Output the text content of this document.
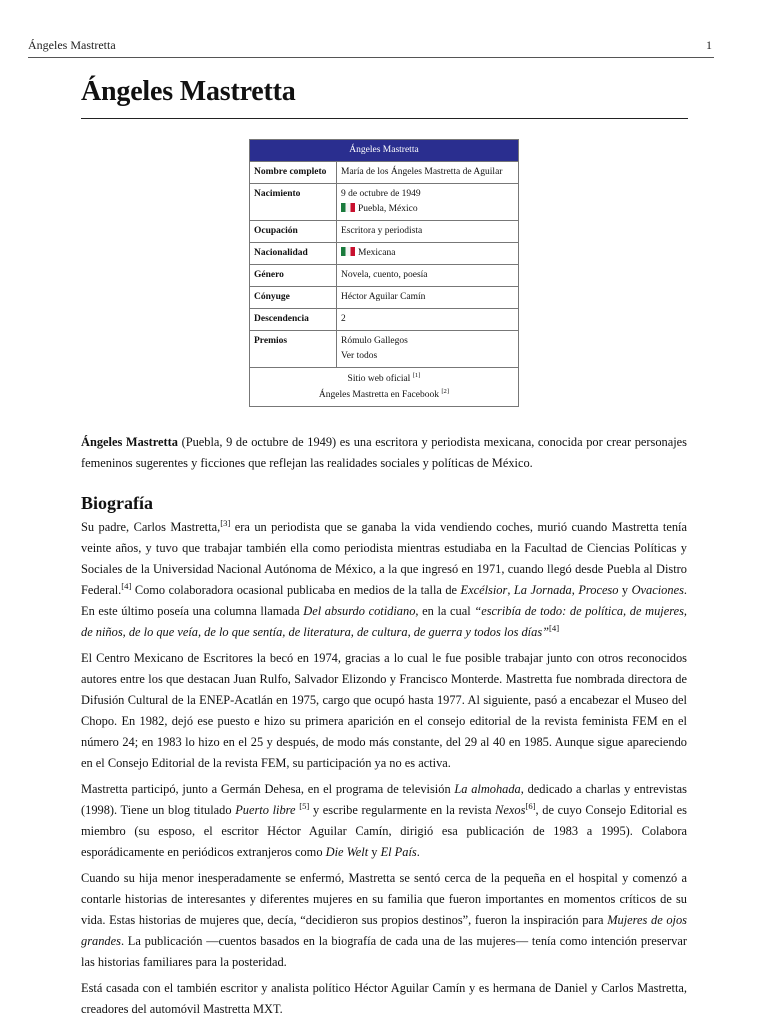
Ángeles Mastretta	1
Ángeles Mastretta
Ángeles Mastretta	
Nombre completo	María de los Ángeles Mastretta de Aguilar
Nacimiento	9 de octubre de 1949
Puebla, México

Ocupación	Escritora y periodista
Nacionalidad	Mexicana
Género	Novela, cuento, poesía
Cónyuge	Héctor Aguilar Camín
Descendencia	2
Premios	Rómulo Gallegos
Ver todos

Sitio web oficial [1]
Ángeles Mastretta en Facebook [2]

Ángeles Mastretta (Puebla, 9 de octubre de 1949) es una escritora y periodista mexicana, conocida por crear personajes femeninos sugerentes y ficciones que reflejan las realidades sociales y políticas de México.

Biografía

Su padre, Carlos Mastretta,[3] era un periodista que se ganaba la vida vendiendo coches, murió cuando Mastretta tenía veinte años, y tuvo que trabajar también ella como periodista mientras estudiaba en la Facultad de Ciencias Políticas y Sociales de la Universidad Nacional Autónoma de México, a la que ingresó en 1971, cuando llegó desde Puebla al Distro Federal.[4] Como colaboradora ocasional publicaba en medios de la talla de Excélsior, La Jornada, Proceso y Ovaciones. En este último poseía una columna llamada Del absurdo cotidiano, en la cual “escribía de todo: de política, de mujeres, de niños, de lo que veía, de lo que sentía, de literatura, de cultura, de guerra y todos los días”[4]

El Centro Mexicano de Escritores la becó en 1974, gracias a lo cual le fue posible trabajar junto con otros reconocidos autores entre los que destacan Juan Rulfo, Salvador Elizondo y Francisco Monterde. Mastretta fue nombrada directora de Difusión Cultural de la ENEP-Acatlán en 1975, cargo que ocupó hasta 1977. Al siguiente, pasó a encabezar el Museo del Chopo. En 1982, dejó ese puesto e hizo su primera aparición en el consejo editorial de la revista feminista FEM en el número 24; en 1983 lo hizo en el 25 y después, de modo más constante, del 29 al 40 en 1985. Aunque sigue apareciendo en el Consejo Editorial de la revista FEM, su participación ya no es activa.

Mastretta participó, junto a Germán Dehesa, en el programa de televisión La almohada, dedicado a charlas y entrevistas (1998). Tiene un blog titulado Puerto libre [5] y escribe regularmente en la revista Nexos[6], de cuyo Consejo Editorial es miembro (su esposo, el escritor Héctor Aguilar Camín, dirigió esa publicación de 1983 a 1995). Colabora esporádicamente en periódicos extranjeros como Die Welt y El País.

Cuando su hija menor inesperadamente se enfermó, Mastretta se sentó cerca de la pequeña en el hospital y comenzó a contarle historias de interesantes y diferentes mujeres en su familia que fueron importantes en momentos críticos de su vida. Estas historias de mujeres que, decía, “decidieron sus propios destinos”, fueron la inspiración para Mujeres de ojos grandes. La publicación —cuentos basados en la biografía de cada una de las mujeres— tenía como intención preservar las historias familiares para la posteridad.

Está casada con el también escritor y analista político Héctor Aguilar Camín y es hermana de Daniel y Carlos Mastretta, creadores del automóvil Mastretta MXT.
